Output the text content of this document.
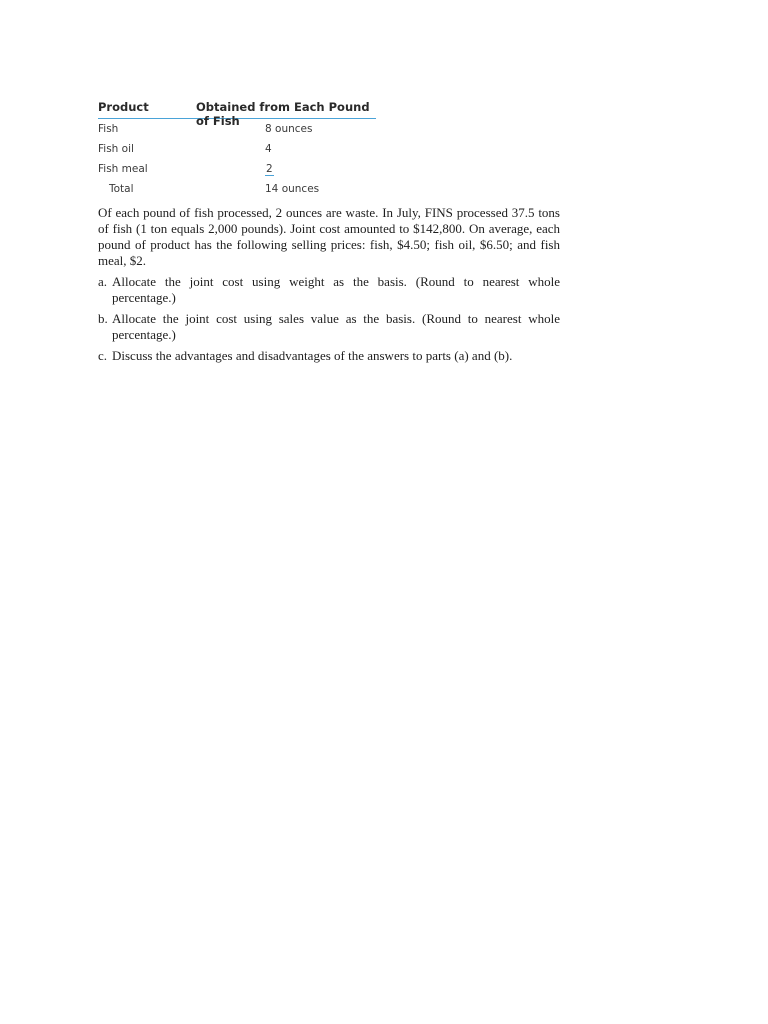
Product	Obtained from Each Pound of Fish
Fish	8 ounces
Fish oil	4
Fish meal	2
Total	14 ounces

Of each pound of fish processed, 2 ounces are waste. In July, FINS processed 37.5 tons of fish (1 ton equals 2,000 pounds). Joint cost amounted to $142,800. On average, each pound of product has the following selling prices: fish, $4.50; fish oil, $6.50; and fish meal, $2.

a. Allocate the joint cost using weight as the basis. (Round to nearest whole percentage.)
b. Allocate the joint cost using sales value as the basis. (Round to nearest whole percentage.)
c. Discuss the advantages and disadvantages of the answers to parts (a) and (b).
